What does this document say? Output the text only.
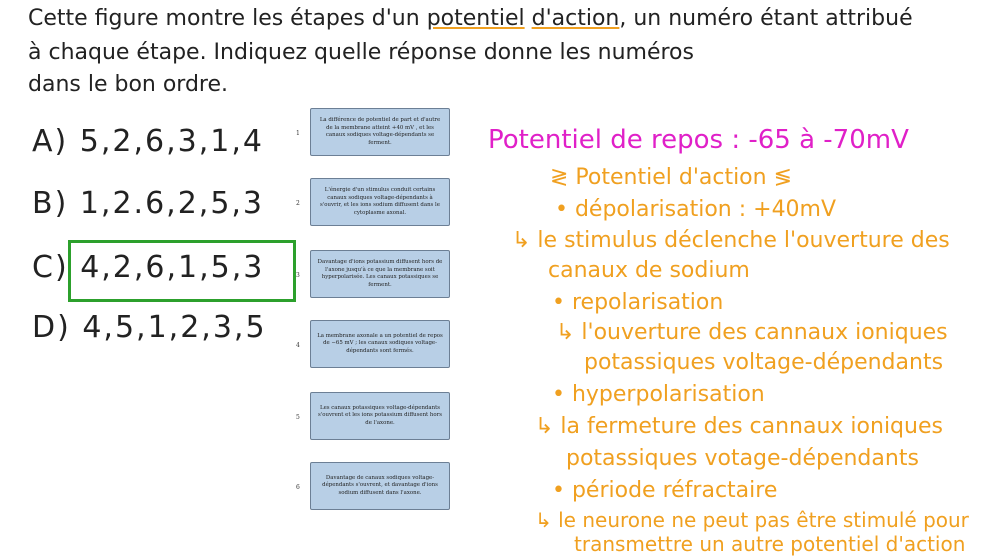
Cette figure montre les étapes d'un potentiel d'action, un numéro étant attribué
à chaque étape. Indiquez quelle réponse donne les numéros
dans le bon ordre.
A) 5,2,6,3,1,4
B) 1,2.6,2,5,3
C) 4,2,6,1,5,3
D) 4,5,1,2,3,5
1
La différence de potentiel de part et d'autre de la membrane atteint +40 mV , et les canaux sodiques voltage-dépendants se ferment.
2
L'énergie d'un stimulus conduit certains canaux sodiques voltage-dépendants à s'ouvrir, et les ions sodium diffusent dans le cytoplasme axonal.
3
Davantage d'ions potassium diffusent hors de l'axone jusqu'à ce que la membrane soit hyperpolarisée. Les canaux potassiques se ferment.
4
La membrane axonale a un potentiel de repos de −65 mV ; les canaux sodiques voltage-dépendants sont fermés.
5
Les canaux potassiques voltage-dépendants s'ouvrent et les ions potassium diffusent hors de l'axone.
6
Davantage de canaux sodiques voltage-dépendants s'ouvrent, et davantage d'ions sodium diffusent dans l'axone.
Potentiel de repos : -65 à -70mV
≷ Potentiel d'action ≶
• dépolarisation : +40mV
↳ le stimulus déclenche l'ouverture des
canaux de sodium
• repolarisation
↳ l'ouverture des cannaux ioniques
potassiques voltage-dépendants
• hyperpolarisation
↳ la fermeture des cannaux ioniques
potassiques votage-dépendants
• période réfractaire
↳ le neurone ne peut pas être stimulé pour
transmettre un autre potentiel d'action
